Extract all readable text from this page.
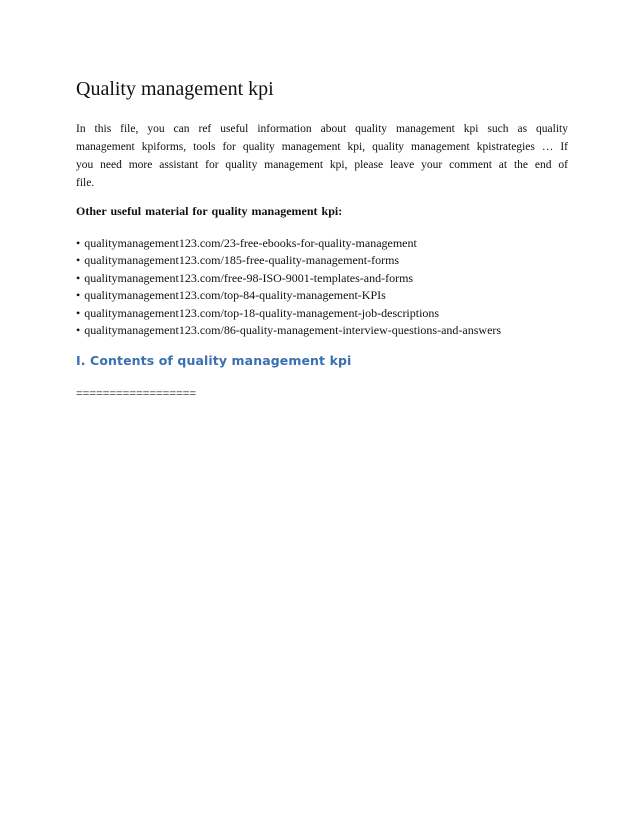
Quality management kpi
In this file, you can ref useful information about quality management kpi such as quality
management kpiforms, tools for quality management kpi, quality management kpistrategies … If
you need more assistant for quality management kpi, please leave your comment at the end of
file.
Other useful material for quality management kpi:
• qualitymanagement123.com/23-free-ebooks-for-quality-management
• qualitymanagement123.com/185-free-quality-management-forms
• qualitymanagement123.com/free-98-ISO-9001-templates-and-forms
• qualitymanagement123.com/top-84-quality-management-KPIs
• qualitymanagement123.com/top-18-quality-management-job-descriptions
• qualitymanagement123.com/86-quality-management-interview-questions-and-answers
I. Contents of quality management kpi
==================
